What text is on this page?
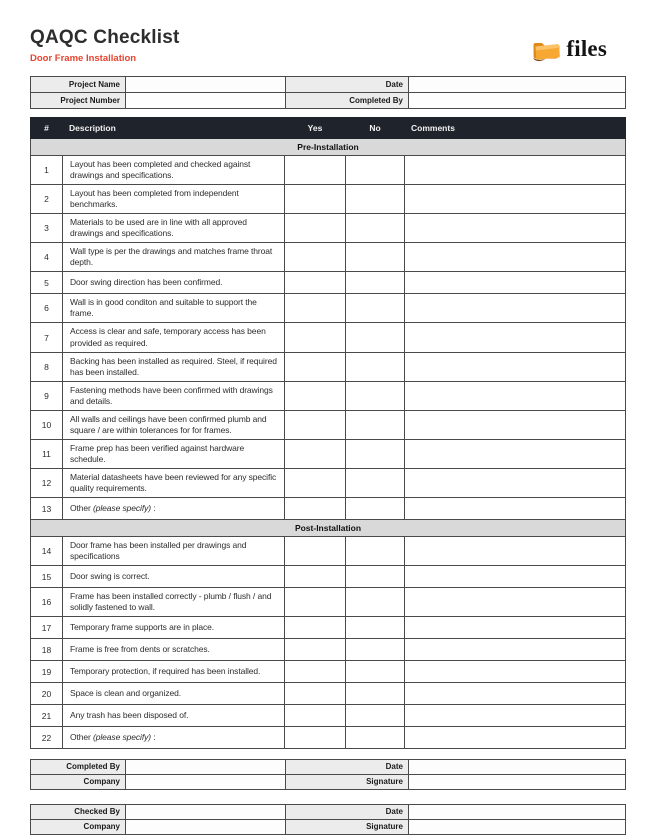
QAQC Checklist
Door Frame Installation	files
Project Name		Date	
Project Number		Completed By	
#	Description	Yes	No	Comments
Pre-Installation				
1	Layout has been completed and checked against drawings and specifications.			
2	Layout has been completed from independent benchmarks.			
3	Materials to be used are in line with all approved drawings and specifications.			
4	Wall type is per the drawings and matches frame throat depth.			
5	Door swing direction has been confirmed.			
6	Wall is in good conditon and suitable to support the frame.			
7	Access is clear and safe, temporary access has been provided as required.			
8	Backing has been installed as required. Steel, if required has been installed.			
9	Fastening methods have been confirmed with drawings and details.			
10	All walls and ceilings have been confirmed plumb and square / are within tolerances for for frames.			
11	Frame prep has been verified against hardware schedule.			
12	Material datasheets have been reviewed for any specific quality requirements.			
13	Other (please specify) :			
Post-Installation				
14	Door frame has been installed per drawings and specifications			
15	Door swing is correct.			
16	Frame has been installed correctly - plumb / flush / and solidly fastened to wall.			
17	Temporary frame supports are in place.			
18	Frame is free from dents or scratches.			
19	Temporary protection, if required has been installed.			
20	Space is clean and organized.			
21	Any trash has been disposed of.			
22	Other (please specify) :			
Completed By		Date	
Company		Signature	
Checked By		Date	
Company		Signature	
